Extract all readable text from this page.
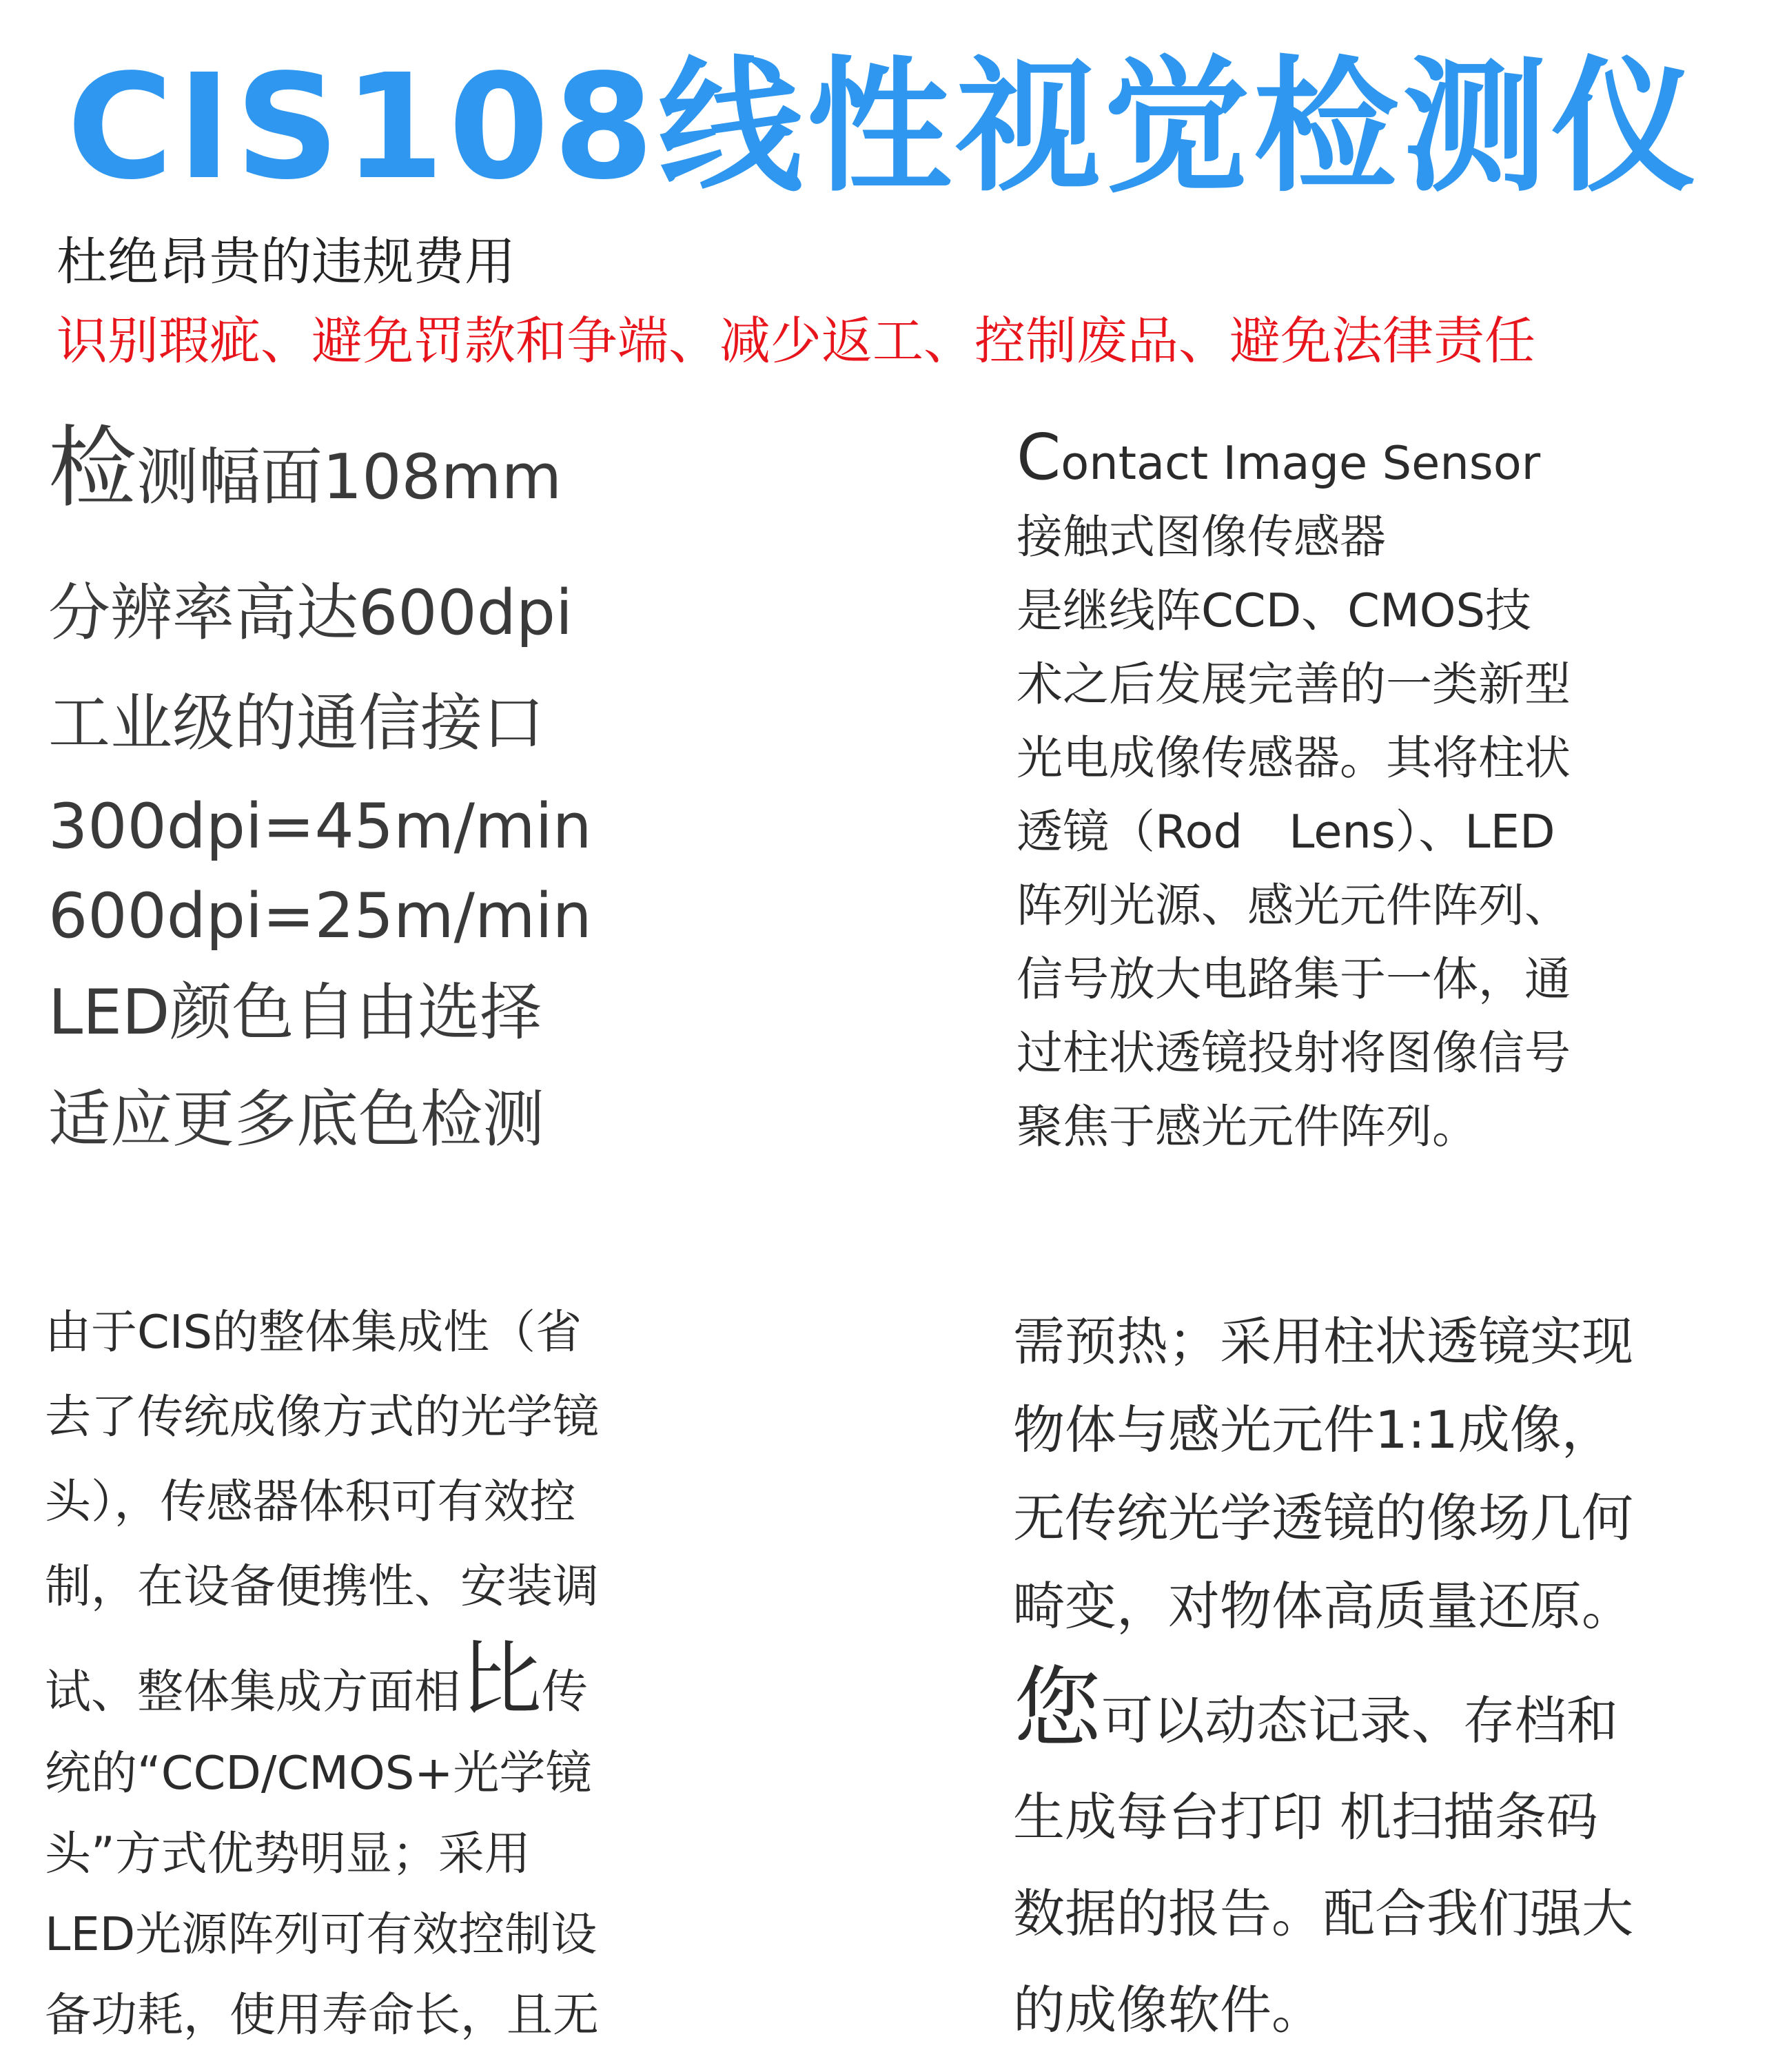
CIS108线性视觉检测仪
杜绝昂贵的违规费用
识别瑕疵、避免罚款和争端、减少返工、控制废品、避免法律责任
检测幅面108mm
分辨率高达600dpi
工业级的通信接口
300dpi=45m/min
600dpi=25m/min
LED颜色自由选择
适应更多底色检测
Contact Image Sensor
接触式图像传感器
是继线阵CCD、CMOS技
术之后发展完善的一类新型
光电成像传感器。其将柱状
透镜（Rod　Lens）、LED
阵列光源、感光元件阵列、
信号放大电路集于一体，通
过柱状透镜投射将图像信号
聚焦于感光元件阵列。
由于CIS的整体集成性（省
去了传统成像方式的光学镜
头），传感器体积可有效控
制，在设备便携性、安装调
试、整体集成方面相比传
统的“CCD/CMOS+光学镜
头”方式优势明显；采用
LED光源阵列可有效控制设
备功耗，使用寿命长，且无
需预热；采用柱状透镜实现
物体与感光元件1:1成像，
无传统光学透镜的像场几何
畸变，对物体高质量还原。
您可以动态记录、存档和
生成每台打印 机扫描条码
数据的报告。配合我们强大
的成像软件。
